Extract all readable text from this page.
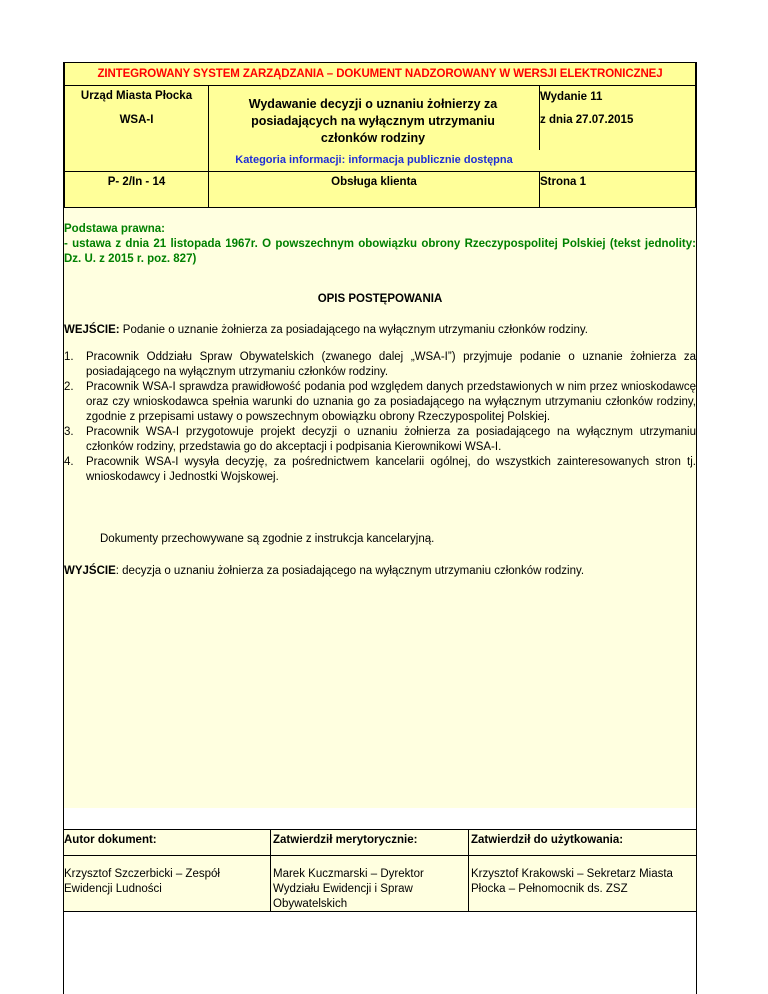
ZINTEGROWANY SYSTEM ZARZĄDZANIA – DOKUMENT NADZOROWANY W WERSJI ELEKTRONICZNEJ
Urząd Miasta Płocka
WSA-I
Wydawanie decyzji o uznaniu żołnierzy za posiadających na wyłącznym utrzymaniu członków rodziny
Wydanie 11
z dnia 27.07.2015
Kategoria informacji: informacja publicznie dostępna
P- 2/In - 14	Obsługa klienta	Strona 1
Podstawa prawna:
- ustawa z dnia 21 listopada 1967r. O powszechnym obowiązku obrony Rzeczypospolitej Polskiej (tekst jednolity: Dz. U. z 2015 r. poz. 827)
OPIS POSTĘPOWANIA
WEJŚCIE: Podanie o uznanie żołnierza za posiadającego na wyłącznym utrzymaniu członków rodziny.
1. Pracownik Oddziału Spraw Obywatelskich (zwanego dalej „WSA-I”) przyjmuje podanie o uznanie żołnierza za posiadającego na wyłącznym utrzymaniu członków rodziny.
2. Pracownik WSA-I sprawdza prawidłowość podania pod względem danych przedstawionych w nim przez wnioskodawcę oraz czy wnioskodawca spełnia warunki do uznania go za posiadającego na wyłącznym utrzymaniu członków rodziny, zgodnie z przepisami ustawy o powszechnym obowiązku obrony Rzeczypospolitej Polskiej.
3. Pracownik WSA-I przygotowuje projekt decyzji o uznaniu żołnierza za posiadającego na wyłącznym utrzymaniu członków rodziny, przedstawia go do akceptacji i podpisania Kierownikowi WSA-I.
4. Pracownik WSA-I wysyła decyzję, za pośrednictwem kancelarii ogólnej, do wszystkich zainteresowanych stron tj. wnioskodawcy i Jednostki Wojskowej.
Dokumenty przechowywane są zgodnie z instrukcja kancelaryjną.
WYJŚCIE: decyzja o uznaniu żołnierza za posiadającego na wyłącznym utrzymaniu członków rodziny.
Autor dokument:
Krzysztof Szczerbicki – Zespół Ewidencji Ludności
Zatwierdził merytorycznie:
Marek Kuczmarski – Dyrektor Wydziału Ewidencji i Spraw Obywatelskich
Zatwierdził do użytkowania:
Krzysztof Krakowski – Sekretarz Miasta Płocka – Pełnomocnik ds. ZSZ
